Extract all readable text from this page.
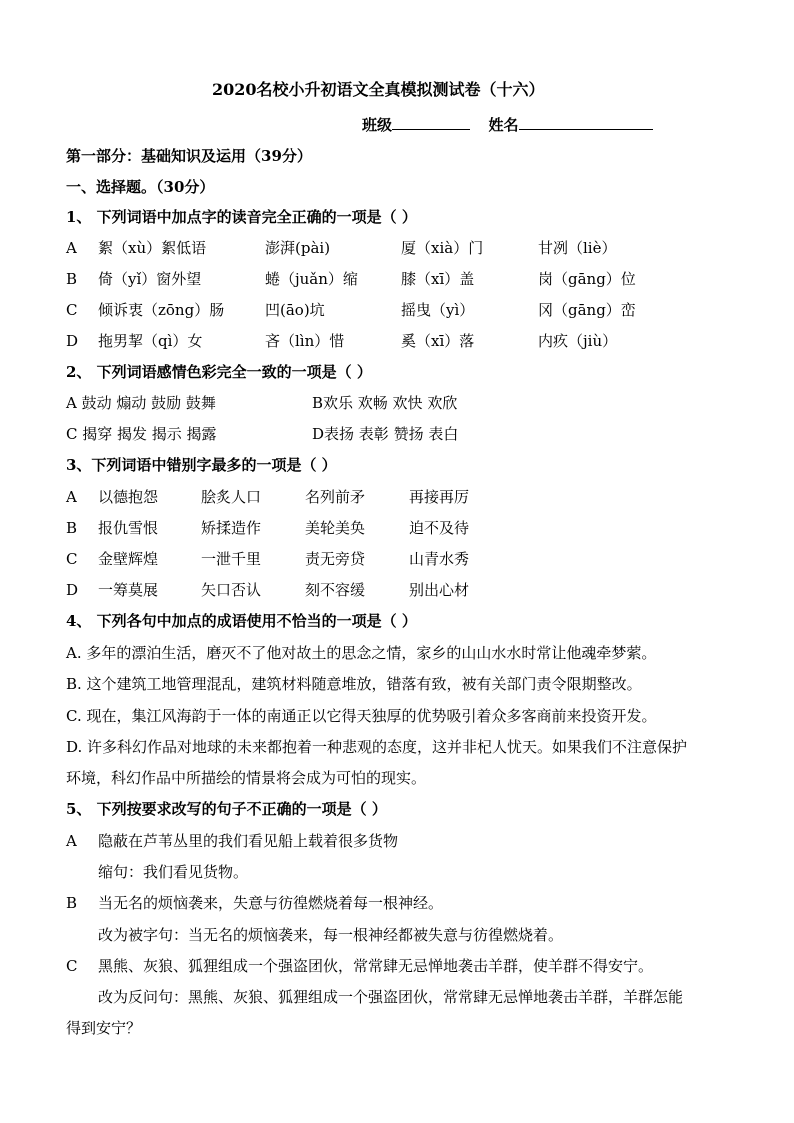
2020名校小升初语文全真模拟测试卷（十六）
班级	姓名
第一部分：基础知识及运用（39分）
一、选择题。（30分）
1、 下列词语中加点字的读音完全正确的一项是（ ）
A 絮（xù）絮低语	澎湃(pài)	厦（xià）门	甘冽（liè）
B 倚（yǐ）窗外望	蜷（juǎn）缩	膝（xī）盖	岗（gāng）位
C 倾诉衷（zōng）肠	凹(āo)坑	摇曳（yì）	冈（gāng）峦
D 拖男挈（qì）女	吝（lìn）惜	奚（xī）落	内疚（jiù）
2、 下列词语感情色彩完全一致的一项是（ ）
A 鼓动 煽动 鼓励 鼓舞	B欢乐 欢畅 欢快 欢欣
C 揭穿 揭发 揭示 揭露	D表扬 表彰 赞扬 表白
3、下列词语中错别字最多的一项是（ ）
A 以德抱怨	脍炙人口	名列前矛	再接再厉
B 报仇雪恨	矫揉造作	美轮美奂	迫不及待
C 金壁辉煌	一泄千里	责无旁贷	山青水秀
D 一筹莫展	矢口否认	刻不容缓	别出心材
4、 下列各句中加点的成语使用不恰当的一项是（ ）
A. 多年的漂泊生活，磨灭不了他对故土的思念之情，家乡的山山水水时常让他魂牵梦萦。
B. 这个建筑工地管理混乱，建筑材料随意堆放，错落有致，被有关部门责令限期整改。
C. 现在，集江风海韵于一体的南通正以它得天独厚的优势吸引着众多客商前来投资开发。
D. 许多科幻作品对地球的未来都抱着一种悲观的态度，这并非杞人忧天。如果我们不注意保护
环境，科幻作品中所描绘的情景将会成为可怕的现实。
5、 下列按要求改写的句子不正确的一项是（ ）
A 隐蔽在芦苇丛里的我们看见船上载着很多货物
缩句：我们看见货物。
B 当无名的烦恼袭来，失意与彷徨燃烧着每一根神经。
改为被字句：当无名的烦恼袭来，每一根神经都被失意与彷徨燃烧着。
C 黑熊、灰狼、狐狸组成一个强盗团伙，常常肆无忌惮地袭击羊群，使羊群不得安宁。
改为反问句：黑熊、灰狼、狐狸组成一个强盗团伙，常常肆无忌惮地袭击羊群，羊群怎能
得到安宁？
